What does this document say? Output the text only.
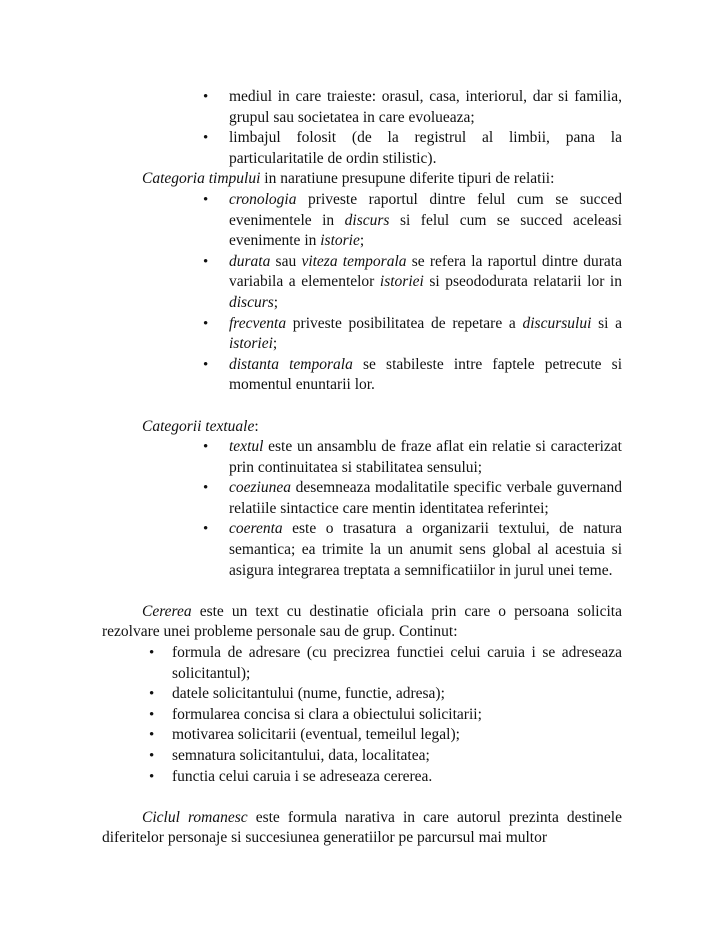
• mediul in care traieste: orasul, casa, interiorul, dar si familia, grupul sau societatea in care evolueaza;
• limbajul folosit (de la registrul al limbii, pana la particularitatile de ordin stilistic).
Categoria timpului in naratiune presupune diferite tipuri de relatii:
• cronologia priveste raportul dintre felul cum se succed evenimentele in discurs si felul cum se succed aceleasi evenimente in istorie;
• durata sau viteza temporala se refera la raportul dintre durata variabila a elementelor istoriei si pseododurata relatarii lor in discurs;
• frecventa priveste posibilitatea de repetare a discursului si a istoriei;
• distanta temporala se stabileste intre faptele petrecute si momentul enuntarii lor.
Categorii textuale:
• textul este un ansamblu de fraze aflat ein relatie si caracterizat prin continuitatea si stabilitatea sensului;
• coeziunea desemneaza modalitatile specific verbale guvernand relatiile sintactice care mentin identitatea referintei;
• coerenta este o trasatura a organizarii textului, de natura semantica; ea trimite la un anumit sens global al acestuia si asigura integrarea treptata a semnificatiilor in jurul unei teme.
Cererea este un text cu destinatie oficiala prin care o persoana solicita rezolvare unei probleme personale sau de grup. Continut:
• formula de adresare (cu precizrea functiei celui caruia i se adreseaza solicitantul);
• datele solicitantului (nume, functie, adresa);
• formularea concisa si clara a obiectului solicitarii;
• motivarea solicitarii (eventual, temeilul legal);
• semnatura solicitantului, data, localitatea;
• functia celui caruia i se adreseaza cererea.
Ciclul romanesc este formula narativa in care autorul prezinta destinele diferitelor personaje si succesiunea generatiilor pe parcursul mai multor
